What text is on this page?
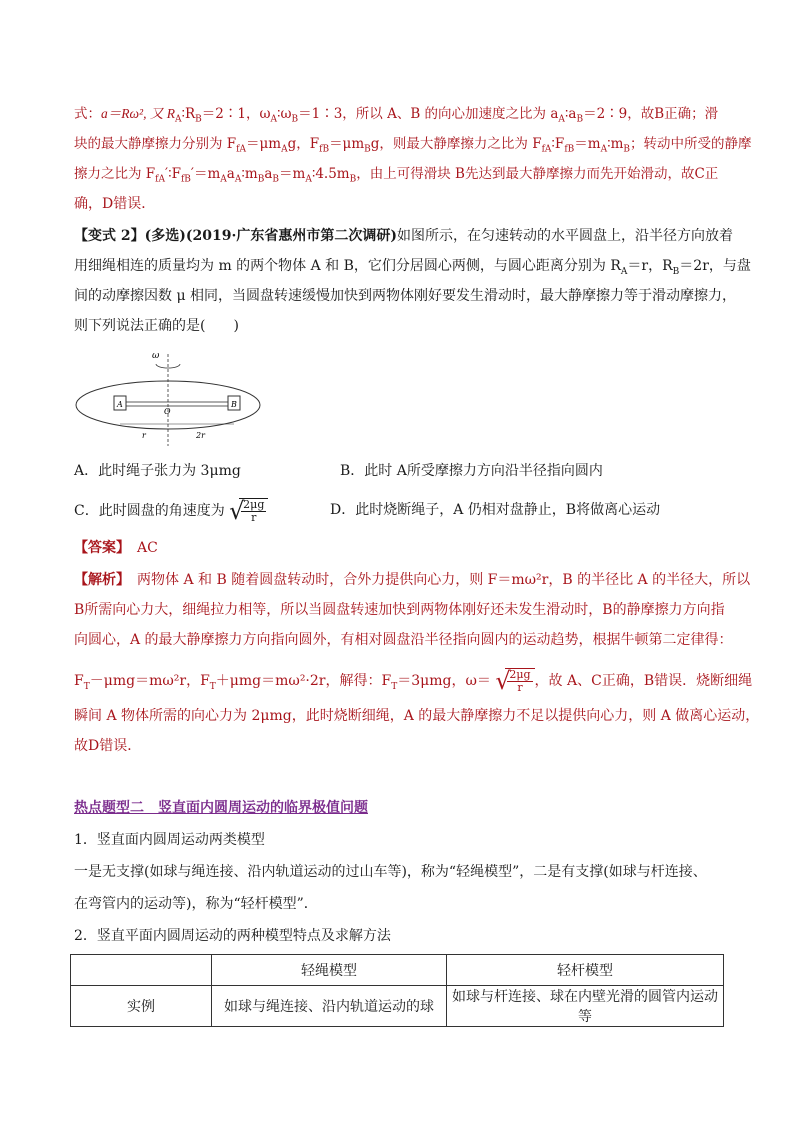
式：a＝Rω², 又 $R_A∶R_B=2∶1$，$\omega_A∶\omega_B=1∶3$，所以 A、B 的向心加速度之比为 $a_A∶a_B=2∶9$，故B正确；滑
块的最大静摩擦力分别为 $F_{fA}=\mu m_Ag$，$F_{fB}=\mu m_Bg$，则最大静摩擦力之比为 $F_{fA}∶F_{fB}=m_A∶m_B$；转动中所受的静摩
擦力之比为 $F_{fA}'∶F_{fB}'=m_Aa_A∶m_Ba_B=m_A∶4.5m_B$，由上可得滑块 B先达到最大静摩擦力而先开始滑动，故C正
确，D错误．
【变式 2】(多选)(2019·广东省惠州市第二次调研)如图所示，在匀速转动的水平圆盘上，沿半径方向放着
用细绳相连的质量均为 m 的两个物体 A 和 B，它们分居圆心两侧，与圆心距离分别为 $R_A=r$，$R_B=2r$，与盘
间的动摩擦因数 μ 相同，当圆盘转速缓慢加快到两物体刚好要发生滑动时，最大静摩擦力等于滑动摩擦力，
则下列说法正确的是(　　)
ω
A	B
O
r	2r
A．此时绳子张力为 3μmg	B．此时 A所受摩擦力方向沿半径指向圆内
C．此时圆盘的角速度为 √
$\frac{2\mu g}{r}$	D．此时烧断绳子，A 仍相对盘静止，B将做离心运动
【答案】　 AC
【解析】　 两物体 A 和 B 随着圆盘转动时，合外力提供向心力，则 F＝mω²r，B 的半径比 A 的半径大，所以
B所需向心力大，细绳拉力相等，所以当圆盘转速加快到两物体刚好还未发生滑动时，B的静摩擦力方向指
向圆心，A 的最大静摩擦力方向指向圆外，有相对圆盘沿半径指向圆内的运动趋势，根据牛顿第二定律得：
$F_T-\mu mg=m\omega^2r$，$F_T+\mu mg=m\omega^2\cdot 2r$，解得：$F_T=3\mu mg$，ω＝ √
$\frac{2\mu g}{r}$ ，故 A、C正确，B错误．烧断细绳
瞬间 A 物体所需的向心力为 2μmg，此时烧断细绳，A 的最大静摩擦力不足以提供向心力，则 A 做离心运动，
故D错误．
热点题型二　竖直面内圆周运动的临界极值问题
1．竖直面内圆周运动两类模型
一是无支撑(如球与绳连接、沿内轨道运动的过山车等)，称为“轻绳模型”，二是有支撑(如球与杆连接、
在弯管内的运动等)，称为“轻杆模型”．
2．竖直平面内圆周运动的两种模型特点及求解方法
	轻绳模型	轻杆模型
实例	如球与绳连接、沿内轨道运动的球	如球与杆连接、球在内壁光滑的圆管内运动等
